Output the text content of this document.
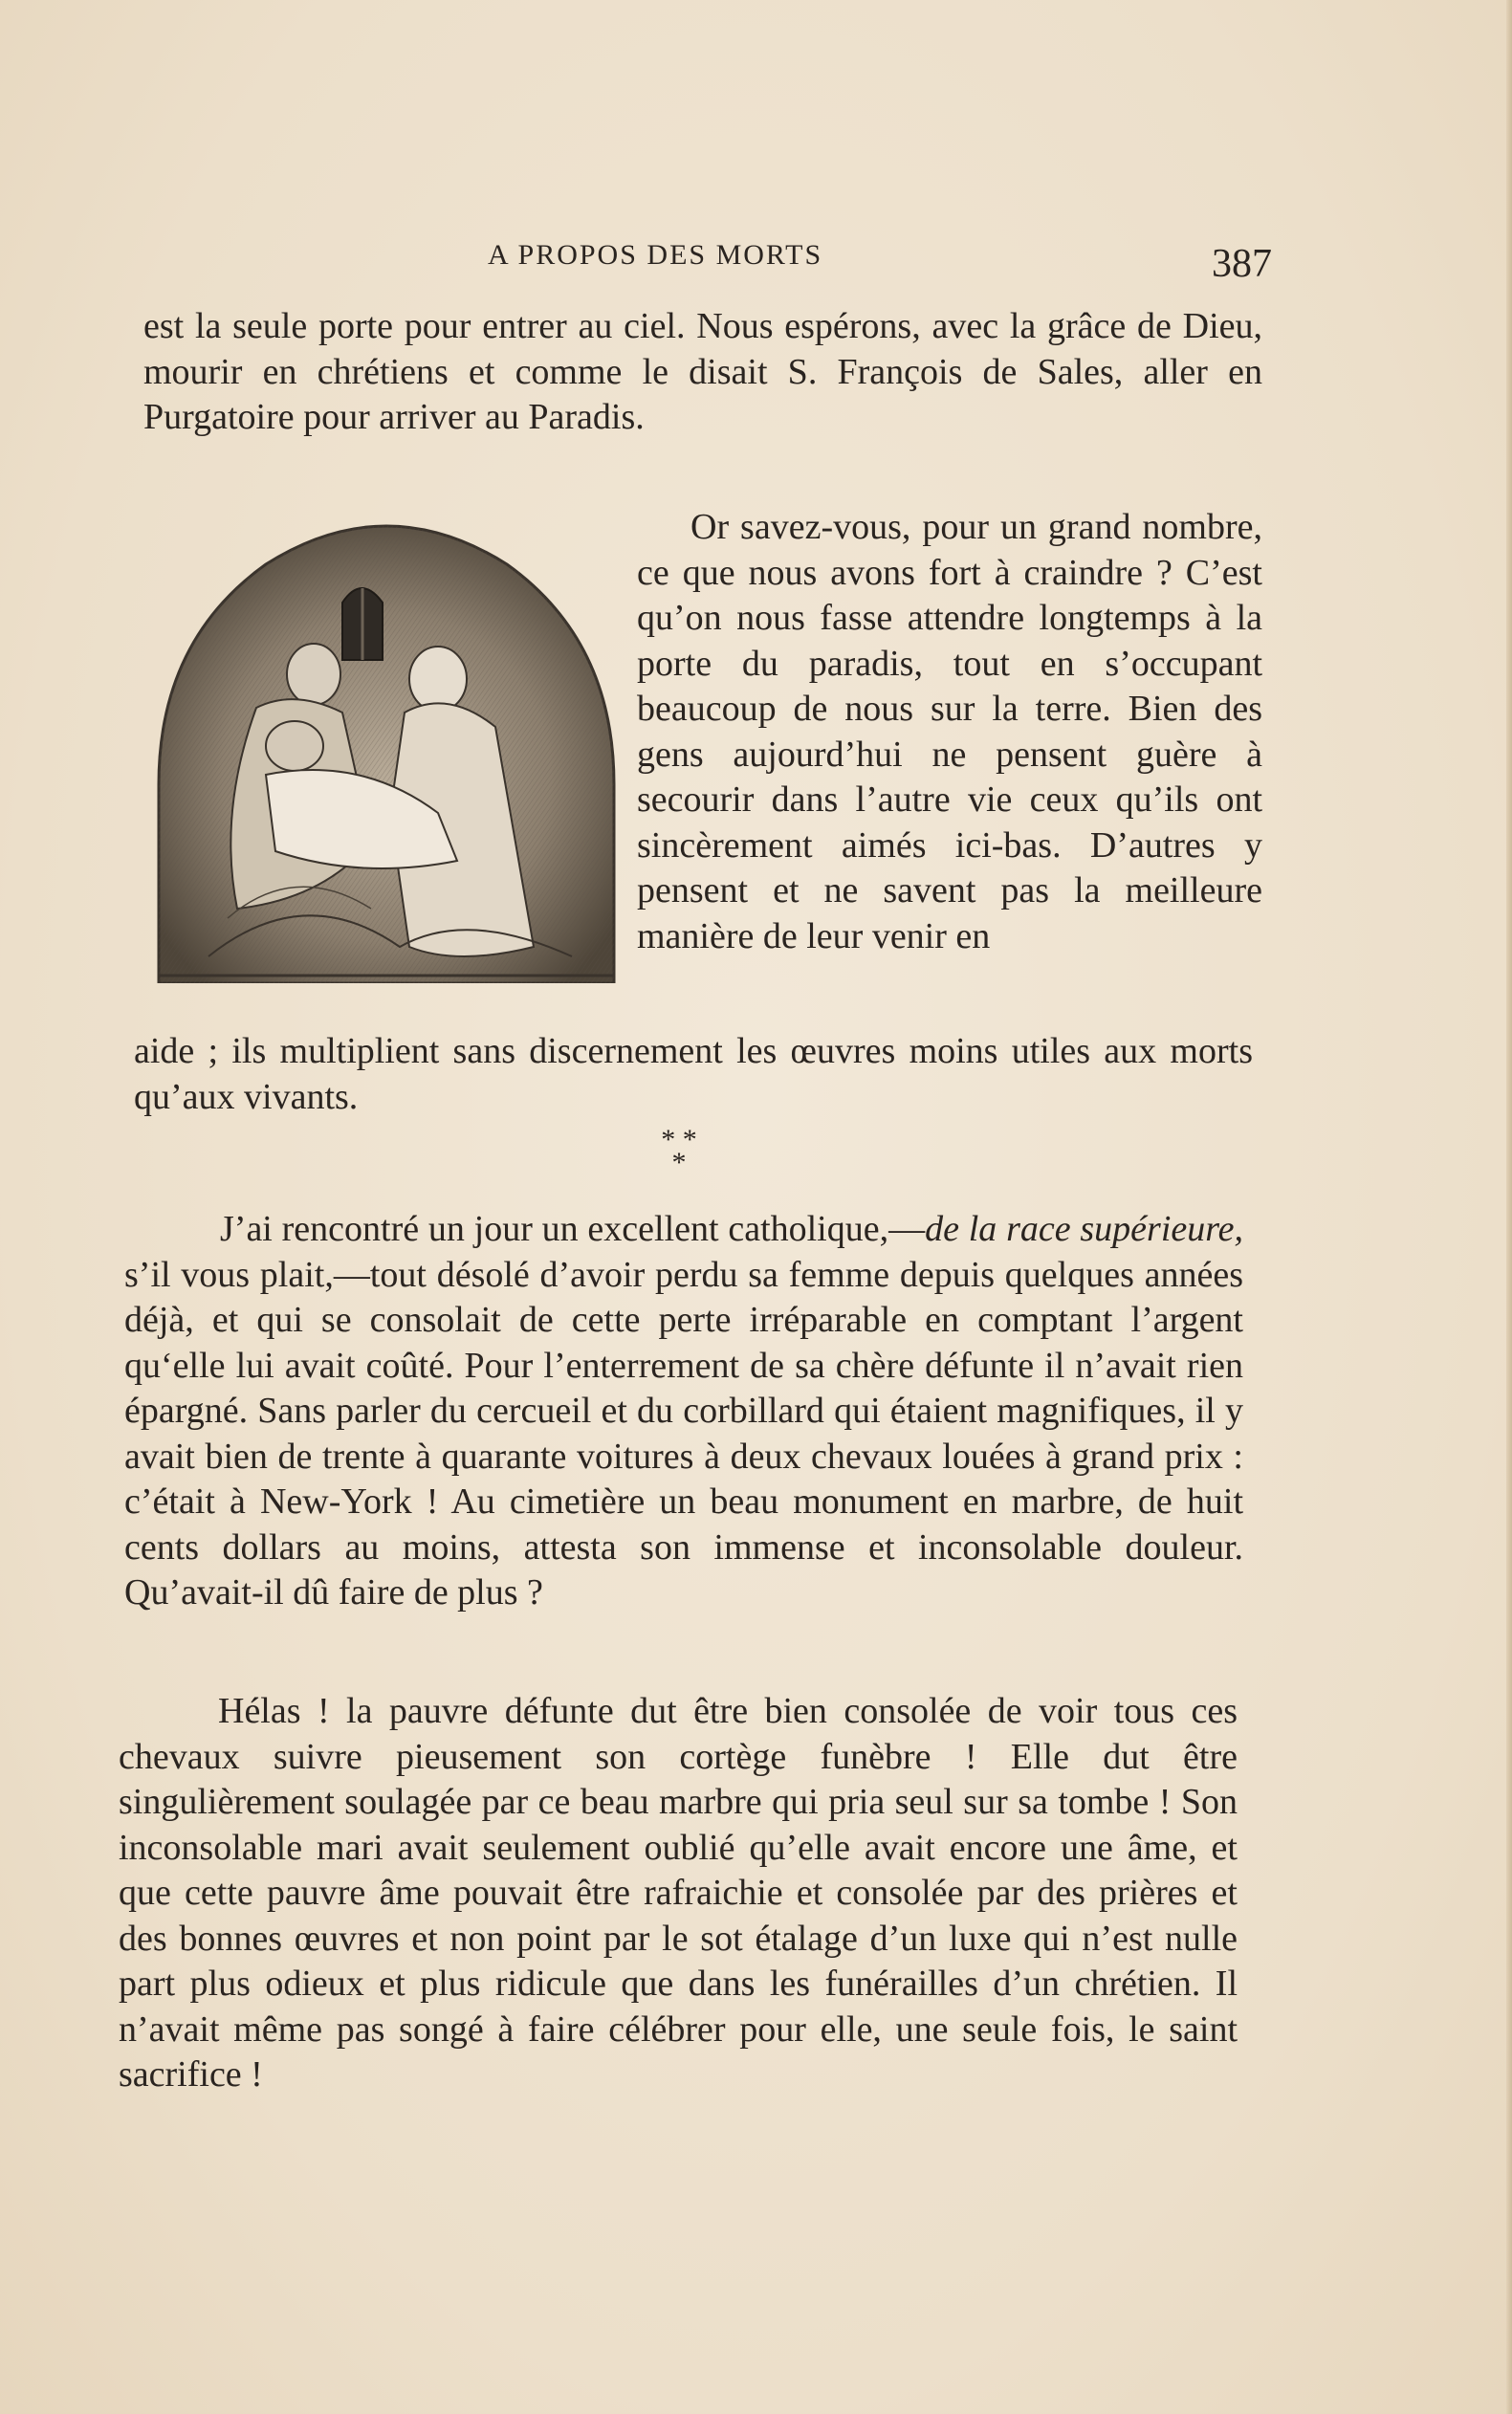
A PROPOS DES MORTS	387

est la seule porte pour entrer au ciel. Nous espérons, avec la grâce de Dieu, mourir en chrétiens et comme le disait S. François de Sales, aller en Purgatoire pour arriver au Paradis.

Or savez-vous, pour un grand nombre, ce que nous avons fort à craindre ? C’est qu’on nous fasse attendre longtemps à la porte du paradis, tout en s’occupant beaucoup de nous sur la terre. Bien des gens aujourd’hui ne pensent guère à secourir dans l’autre vie ceux qu’ils ont sincèrement aimés ici-bas. D’autres y pensent et ne savent pas la meilleure manière de leur venir en

aide ; ils multiplient sans discernement les œuvres moins utiles aux morts qu’aux vivants.

* *
*

J’ai rencontré un jour un excellent catholique,—de la race supérieure, s’il vous plait,—tout désolé d’avoir perdu sa femme depuis quelques années déjà, et qui se consolait de cette perte irréparable en comptant l’argent qu‘elle lui avait coûté. Pour l’enterrement de sa chère défunte il n’avait rien épargné. Sans parler du cercueil et du corbillard qui étaient magnifiques, il y avait bien de trente à quarante voitures à deux chevaux louées à grand prix : c’était à New-York ! Au cimetière un beau monument en marbre, de huit cents dollars au moins, attesta son immense et inconsolable douleur. Qu’avait-il dû faire de plus ?

Hélas ! la pauvre défunte dut être bien consolée de voir tous ces chevaux suivre pieusement son cortège funèbre ! Elle dut être singulièrement soulagée par ce beau marbre qui pria seul sur sa tombe ! Son inconsolable mari avait seulement oublié qu’elle avait encore une âme, et que cette pauvre âme pouvait être rafraichie et consolée par des prières et des bonnes œuvres et non point par le sot étalage d’un luxe qui n’est nulle part plus odieux et plus ridicule que dans les funérailles d’un chrétien. Il n’avait même pas songé à faire célébrer pour elle, une seule fois, le saint sacrifice !
